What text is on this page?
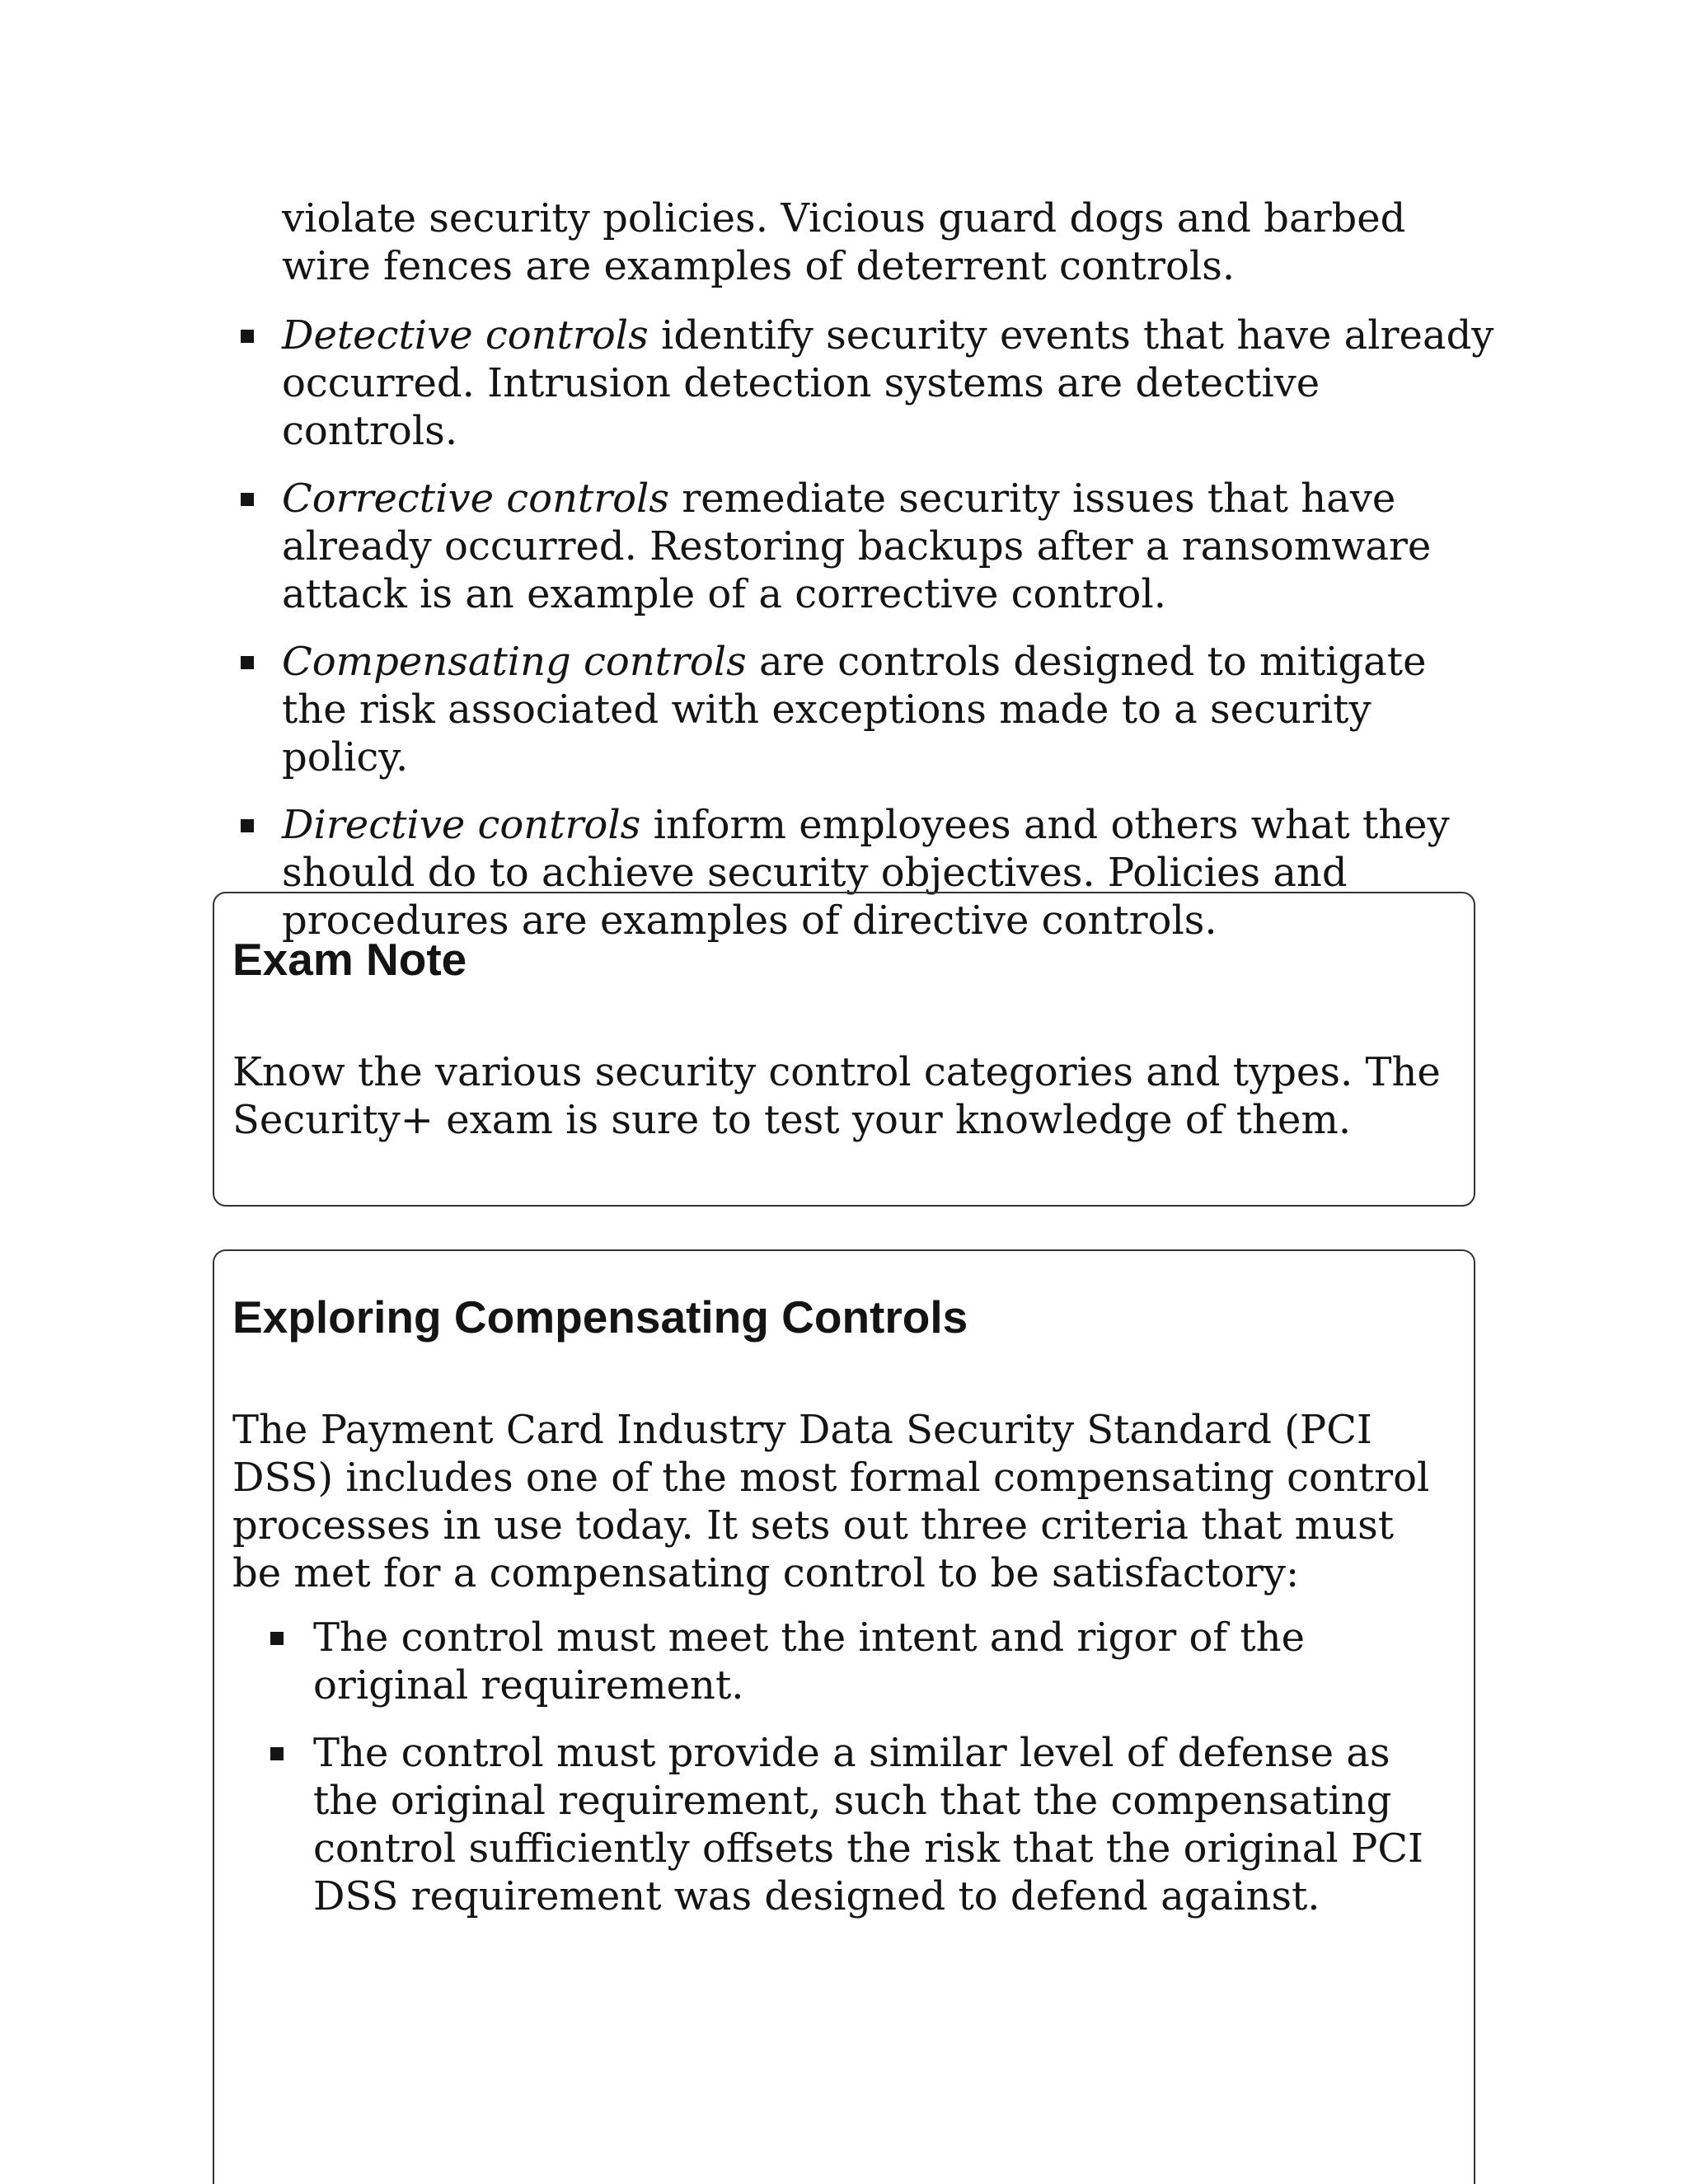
violate security policies. Vicious guard dogs and barbed wire fences are examples of deterrent controls.

Detective controls identify security events that have already occurred. Intrusion detection systems are detective controls.
Corrective controls remediate security issues that have already occurred. Restoring backups after a ransomware attack is an example of a corrective control.
Compensating controls are controls designed to mitigate the risk associated with exceptions made to a security policy.
Directive controls inform employees and others what they should do to achieve security objectives. Policies and procedures are examples of directive controls.
Exam Note

Know the various security control categories and types. The Security+ exam is sure to test your knowledge of them.

Exploring Compensating Controls

The Payment Card Industry Data Security Standard (PCI DSS) includes one of the most formal compensating control processes in use today. It sets out three criteria that must be met for a compensating control to be satisfactory:

The control must meet the intent and rigor of the original requirement.
The control must provide a similar level of defense as the original requirement, such that the compensating control sufficiently offsets the risk that the original PCI DSS requirement was designed to defend against.
